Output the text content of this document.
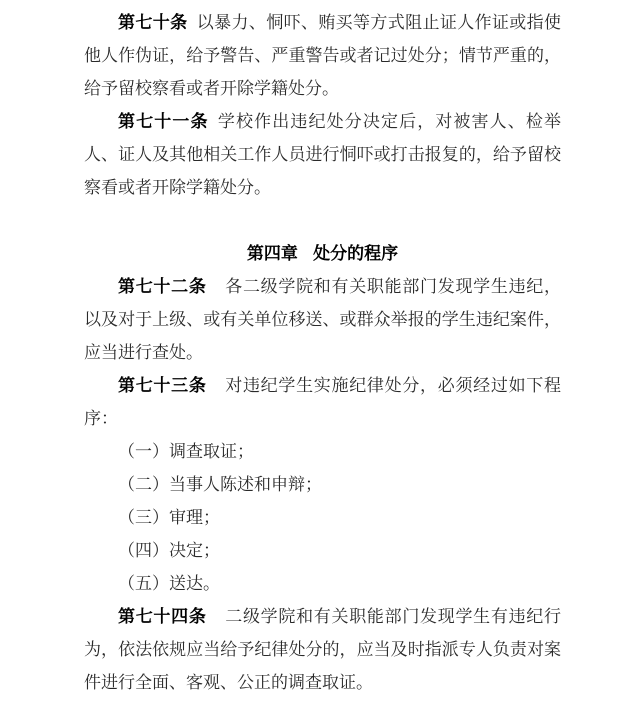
第七十条 以暴力、恫吓、贿买等方式阻止证人作证或指使他人作伪证，给予警告、严重警告或者记过处分；情节严重的，给予留校察看或者开除学籍处分。

第七十一条 学校作出违纪处分决定后，对被害人、检举人、证人及其他相关工作人员进行恫吓或打击报复的，给予留校察看或者开除学籍处分。

第四章 处分的程序

第七十二条 各二级学院和有关职能部门发现学生违纪，以及对于上级、或有关单位移送、或群众举报的学生违纪案件，应当进行查处。

第七十三条 对违纪学生实施纪律处分，必须经过如下程序：

（一）调查取证；

（二）当事人陈述和申辩；

（三）审理；

（四）决定；

（五）送达。

第七十四条 二级学院和有关职能部门发现学生有违纪行为，依法依规应当给予纪律处分的，应当及时指派专人负责对案件进行全面、客观、公正的调查取证。
